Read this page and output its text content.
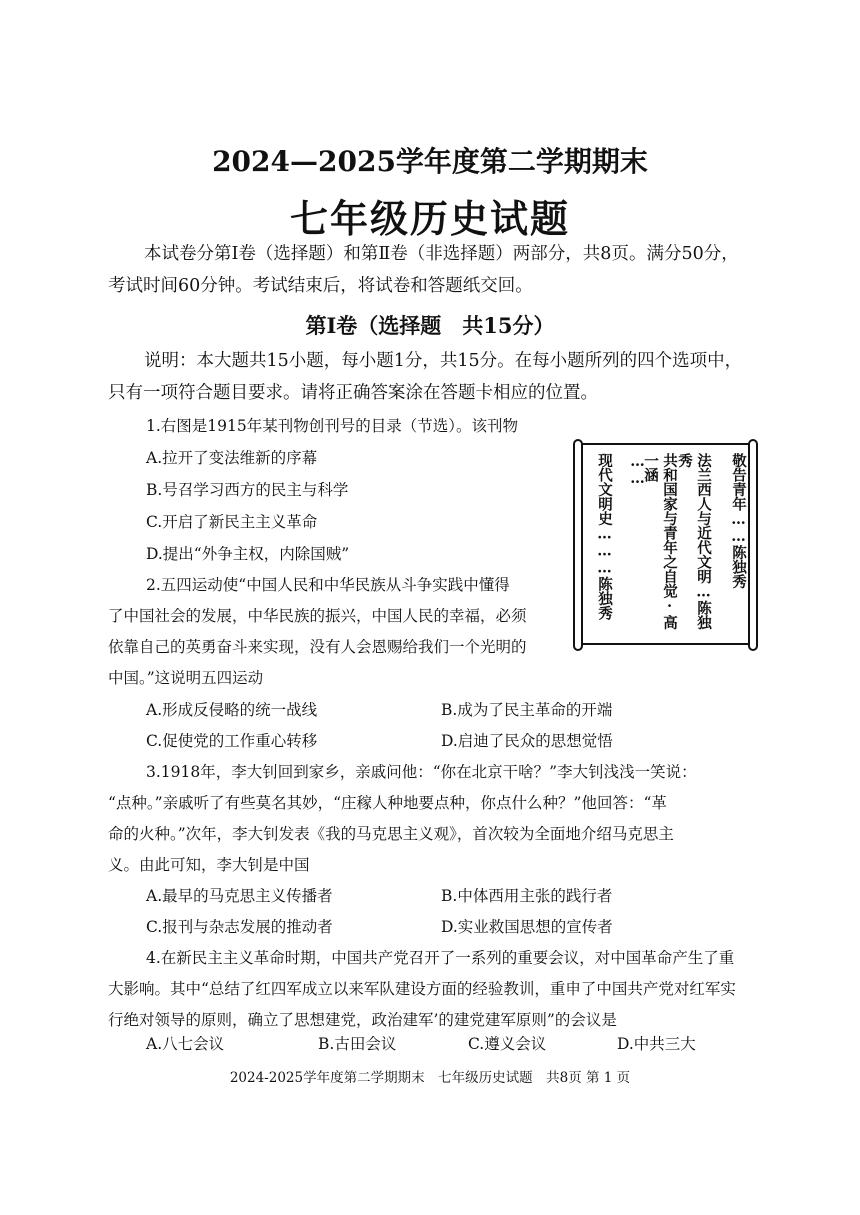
2024—2025学年度第二学期期末
七年级历史试题
本试卷分第Ⅰ卷（选择题）和第Ⅱ卷（非选择题）两部分，共8页。满分50分，考试时间60分钟。考试结束后，将试卷和答题纸交回。
第Ⅰ卷（选择题　共15分）
说明：本大题共15小题，每小题1分，共15分。在每小题所列的四个选项中，只有一项符合题目要求。请将正确答案涂在答题卡相应的位置。
1.右图是1915年某刊物创刊号的目录（节选）。该刊物
A.拉开了变法维新的序幕
B.号召学习西方的民主与科学
C.开启了新民主主义革命
D.提出“外争主权，内除国贼”	敬告青年……陈独秀
法兰西人与近代文明…陈独秀
共和国家与青年之自觉·高一涵
……
现代文明史………陈独秀
2.五四运动使“中国人民和中华民族从斗争实践中懂得
了中国社会的发展，中华民族的振兴，中国人民的幸福，必须
依靠自己的英勇奋斗来实现，没有人会恩赐给我们一个光明的
中国。”这说明五四运动
A.形成反侵略的统一战线	B.成为了民主革命的开端
C.促使党的工作重心转移	D.启迪了民众的思想觉悟
3.1918年，李大钊回到家乡，亲戚问他：“你在北京干啥？”李大钊浅浅一笑说：
“点种。”亲戚听了有些莫名其妙，“庄稼人种地要点种，你点什么种？”他回答：“革
命的火种。”次年，李大钊发表《我的马克思主义观》，首次较为全面地介绍马克思主
义。由此可知，李大钊是中国
A.最早的马克思主义传播者	B.中体西用主张的践行者
C.报刊与杂志发展的推动者	D.实业救国思想的宣传者
4.在新民主主义革命时期，中国共产党召开了一系列的重要会议，对中国革命产生了重
大影响。其中“总结了红四军成立以来军队建设方面的经验教训，重申了中国共产党对红军实
行绝对领导的原则，确立了思想建党，政治建军’的建党建军原则”的会议是
A.八七会议	B.古田会议	C.遵义会议	D.中共三大
2024-2025学年度第二学期期末　七年级历史试题　共8页 第 1 页
